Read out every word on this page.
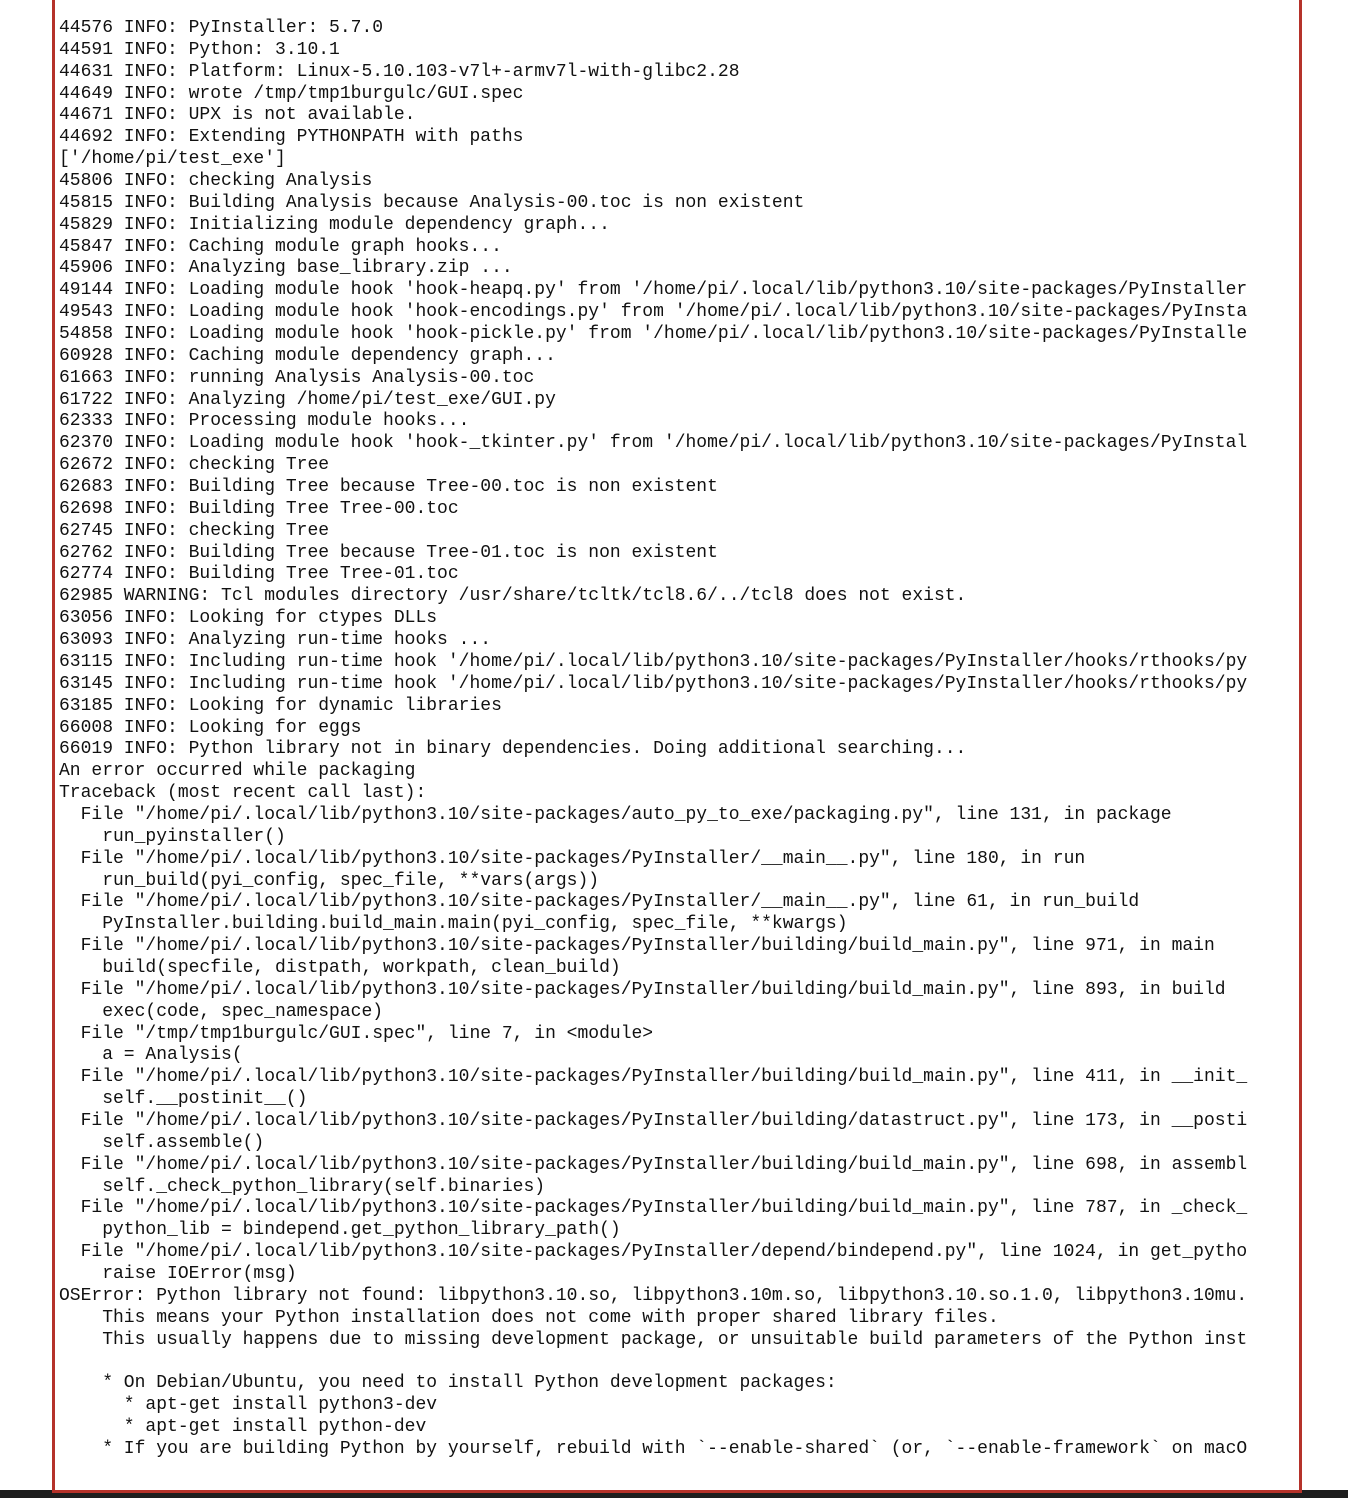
44576 INFO: PyInstaller: 5.7.0
44591 INFO: Python: 3.10.1
44631 INFO: Platform: Linux-5.10.103-v7l+-armv7l-with-glibc2.28
44649 INFO: wrote /tmp/tmp1burgulc/GUI.spec
44671 INFO: UPX is not available.
44692 INFO: Extending PYTHONPATH with paths
['/home/pi/test_exe']
45806 INFO: checking Analysis
45815 INFO: Building Analysis because Analysis-00.toc is non existent
45829 INFO: Initializing module dependency graph...
45847 INFO: Caching module graph hooks...
45906 INFO: Analyzing base_library.zip ...
49144 INFO: Loading module hook 'hook-heapq.py' from '/home/pi/.local/lib/python3.10/site-packages/PyInstaller
49543 INFO: Loading module hook 'hook-encodings.py' from '/home/pi/.local/lib/python3.10/site-packages/PyInsta
54858 INFO: Loading module hook 'hook-pickle.py' from '/home/pi/.local/lib/python3.10/site-packages/PyInstalle
60928 INFO: Caching module dependency graph...
61663 INFO: running Analysis Analysis-00.toc
61722 INFO: Analyzing /home/pi/test_exe/GUI.py
62333 INFO: Processing module hooks...
62370 INFO: Loading module hook 'hook-_tkinter.py' from '/home/pi/.local/lib/python3.10/site-packages/PyInstal
62672 INFO: checking Tree
62683 INFO: Building Tree because Tree-00.toc is non existent
62698 INFO: Building Tree Tree-00.toc
62745 INFO: checking Tree
62762 INFO: Building Tree because Tree-01.toc is non existent
62774 INFO: Building Tree Tree-01.toc
62985 WARNING: Tcl modules directory /usr/share/tcltk/tcl8.6/../tcl8 does not exist.
63056 INFO: Looking for ctypes DLLs
63093 INFO: Analyzing run-time hooks ...
63115 INFO: Including run-time hook '/home/pi/.local/lib/python3.10/site-packages/PyInstaller/hooks/rthooks/py
63145 INFO: Including run-time hook '/home/pi/.local/lib/python3.10/site-packages/PyInstaller/hooks/rthooks/py
63185 INFO: Looking for dynamic libraries
66008 INFO: Looking for eggs
66019 INFO: Python library not in binary dependencies. Doing additional searching...
An error occurred while packaging
Traceback (most recent call last):
File "/home/pi/.local/lib/python3.10/site-packages/auto_py_to_exe/packaging.py", line 131, in package
run_pyinstaller()
File "/home/pi/.local/lib/python3.10/site-packages/PyInstaller/__main__.py", line 180, in run
run_build(pyi_config, spec_file, **vars(args))
File "/home/pi/.local/lib/python3.10/site-packages/PyInstaller/__main__.py", line 61, in run_build
PyInstaller.building.build_main.main(pyi_config, spec_file, **kwargs)
File "/home/pi/.local/lib/python3.10/site-packages/PyInstaller/building/build_main.py", line 971, in main
build(specfile, distpath, workpath, clean_build)
File "/home/pi/.local/lib/python3.10/site-packages/PyInstaller/building/build_main.py", line 893, in build
exec(code, spec_namespace)
File "/tmp/tmp1burgulc/GUI.spec", line 7, in <module>
a = Analysis(
File "/home/pi/.local/lib/python3.10/site-packages/PyInstaller/building/build_main.py", line 411, in __init_
self.__postinit__()
File "/home/pi/.local/lib/python3.10/site-packages/PyInstaller/building/datastruct.py", line 173, in __posti
self.assemble()
File "/home/pi/.local/lib/python3.10/site-packages/PyInstaller/building/build_main.py", line 698, in assembl
self._check_python_library(self.binaries)
File "/home/pi/.local/lib/python3.10/site-packages/PyInstaller/building/build_main.py", line 787, in _check_
python_lib = bindepend.get_python_library_path()
File "/home/pi/.local/lib/python3.10/site-packages/PyInstaller/depend/bindepend.py", line 1024, in get_pytho
raise IOError(msg)
OSError: Python library not found: libpython3.10.so, libpython3.10m.so, libpython3.10.so.1.0, libpython3.10mu.
This means your Python installation does not come with proper shared library files.
This usually happens due to missing development package, or unsuitable build parameters of the Python inst
* On Debian/Ubuntu, you need to install Python development packages:
* apt-get install python3-dev
* apt-get install python-dev
* If you are building Python by yourself, rebuild with `--enable-shared` (or, `--enable-framework` on macO
